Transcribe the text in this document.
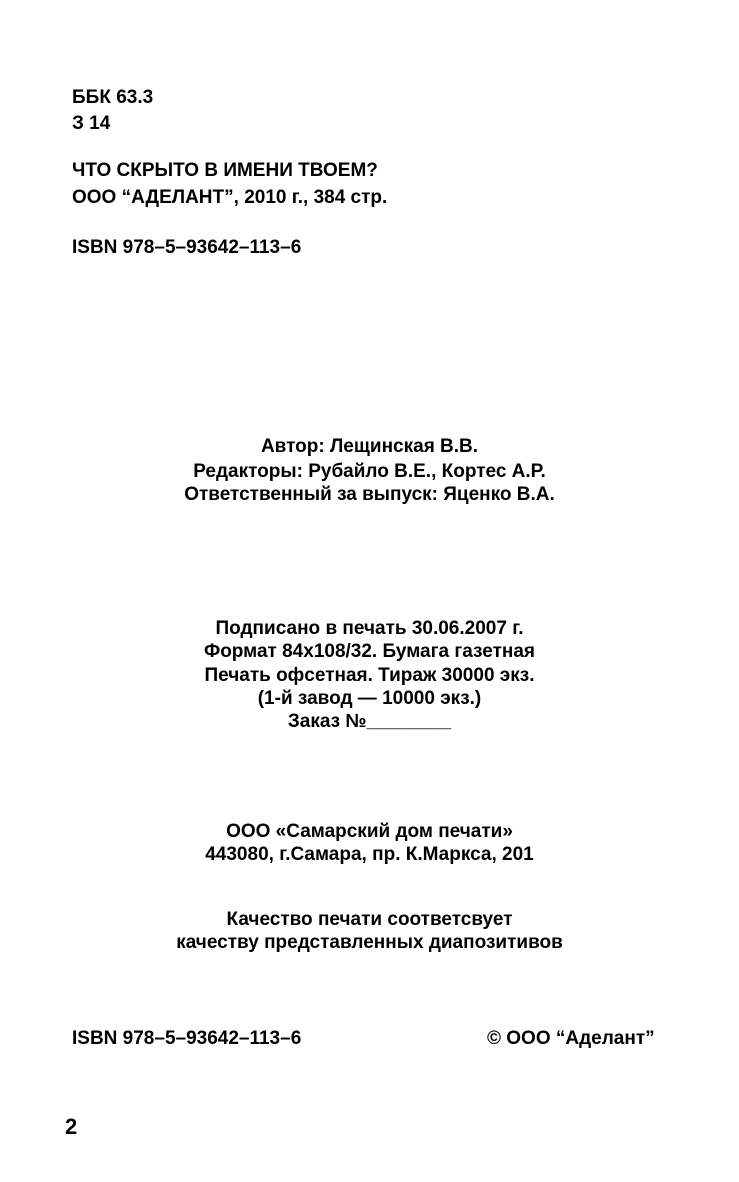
ББК 63.3
З 14
ЧТО СКРЫТО В ИМЕНИ ТВОЕМ?
ООО “АДЕЛАНТ”, 2010 г., 384 стр.
ISBN 978–5–93642–113–6
Автор: Лещинская В.В.
Редакторы: Рубайло В.Е., Кортес А.Р.
Ответственный за выпуск: Яценко В.А.
Подписано в печать 30.06.2007 г.
Формат 84х108/32. Бумага газетная
Печать офсетная. Тираж 30000 экз.
(1-й завод — 10000 экз.)
Заказ №________
ООО «Самарский дом печати»
443080, г.Самара, пр. К.Маркса, 201
Качество печати соответсвует
качеству представленных диапозитивов
ISBN 978–5–93642–113–6	© ООО “Аделант”
2
